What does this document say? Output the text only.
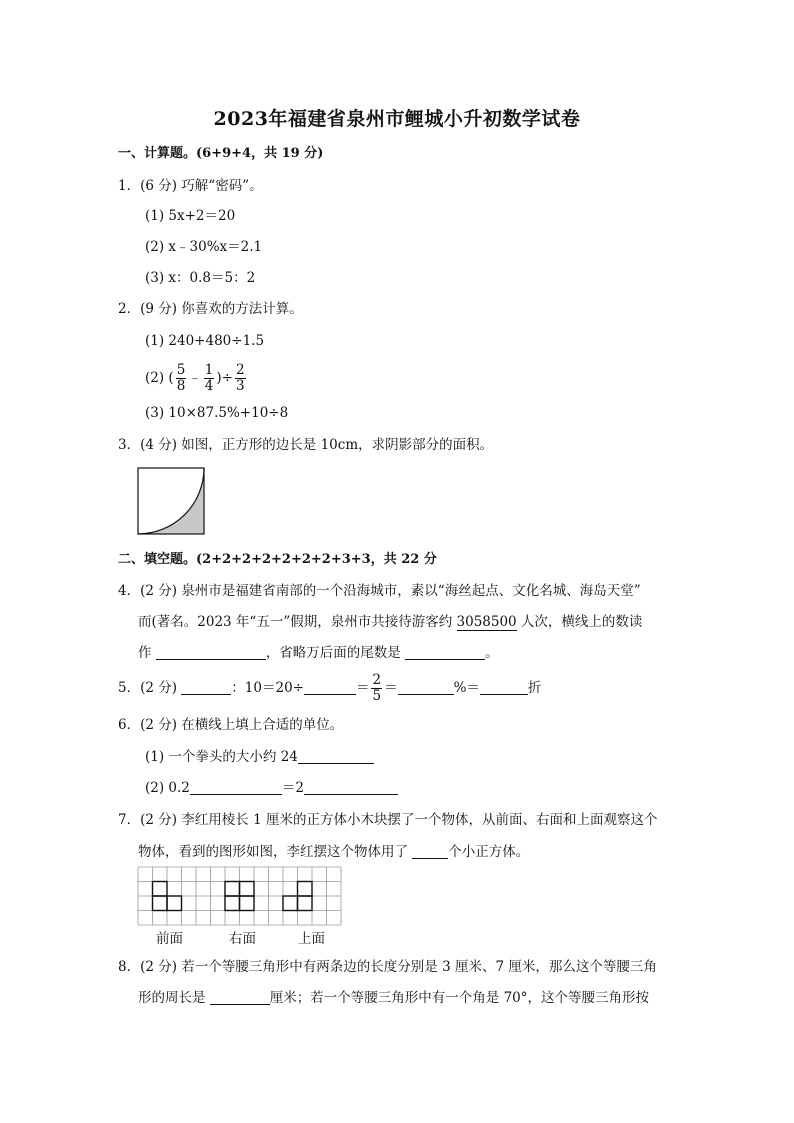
2023年福建省泉州市鲤城小升初数学试卷
一、计算题。(6+9+4，共 19 分)
1．(6 分) 巧解“密码”。
(1) 5x+2＝20
(2) x﹣30%x＝2.1
(3) x：0.8＝5：2
2．(9 分) 你喜欢的方法计算。
(1) 240+480÷1.5
(2) ( $\frac{5}{8}$ ﹣ $\frac{1}{4}$ )÷ $\frac{2}{3}$
(3) 10×87.5%+10÷8
3．(4 分) 如图，正方形的边长是 10cm，求阴影部分的面积。
二、填空题。(2+2+2+2+2+2+2+3+3，共 22 分
4．(2 分) 泉州市是福建省南部的一个沿海城市，素以“海丝起点、文化名城、海岛天堂”
而(著名。2023 年“五一”假期，泉州市共接待游客约 3058500 人次，横线上的数读
作	，省略万后面的尾数是	。
5．(2 分)	：10＝20÷	＝ $\frac{2}{5}$ ＝	%＝	折
6．(2 分) 在横线上填上合适的单位。
(1) 一个拳头的大小约 24
(2) 0.2	＝2
7．(2 分) 李红用棱长 1 厘米的正方体小木块摆了一个物体，从前面、右面和上面观察这个
物体，看到的图形如图，李红摆这个物体用了	个小正方体。
前面	右面	上面
8．(2 分) 若一个等腰三角形中有两条边的长度分别是 3 厘米、7 厘米，那么这个等腰三角
形的周长是	厘米；若一个等腰三角形中有一个角是 70°，这个等腰三角形按
